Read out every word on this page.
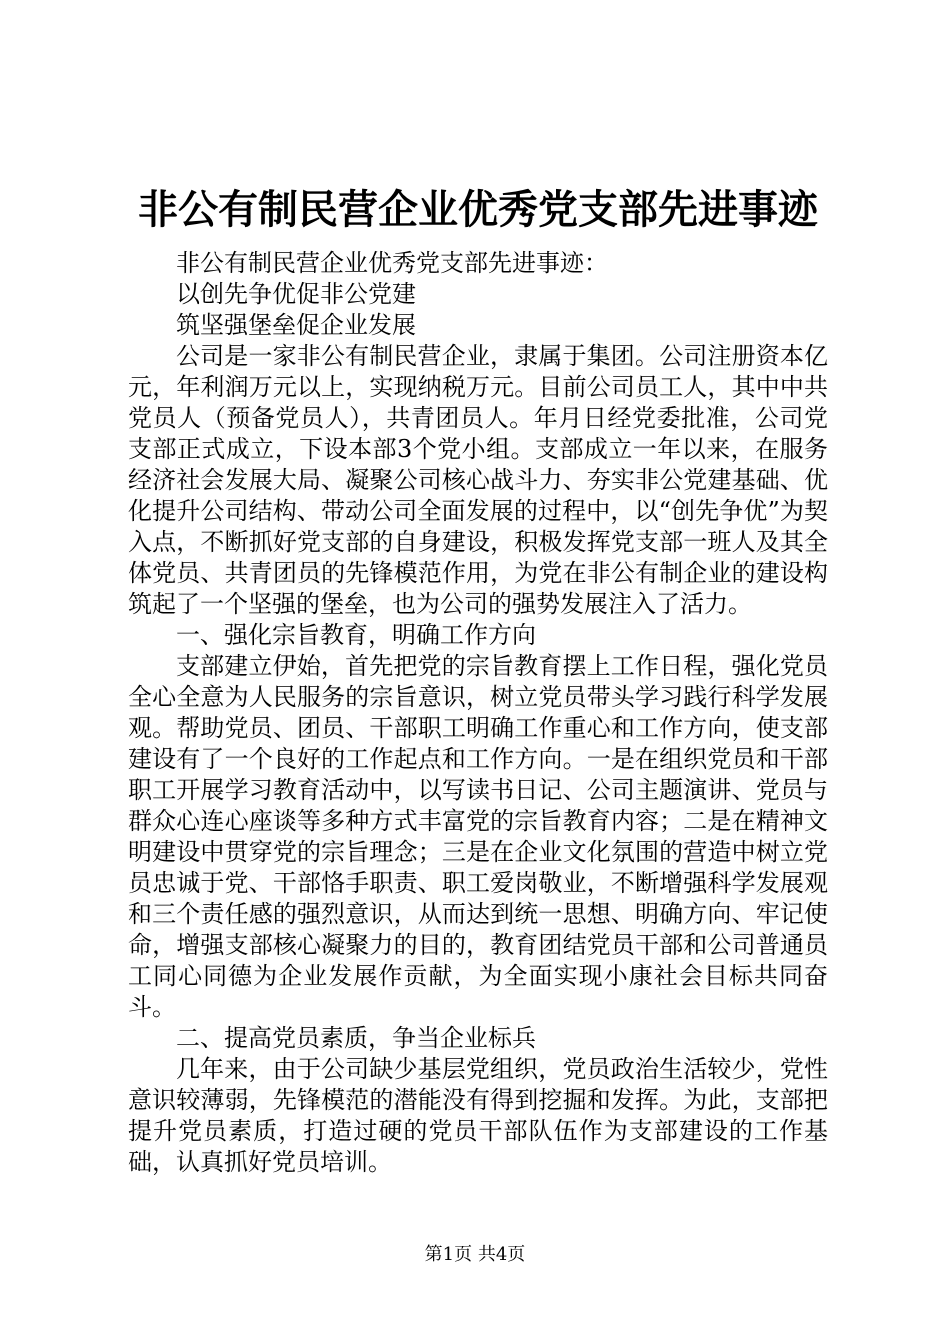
非公有制民营企业优秀党支部先进事迹

非公有制民营企业优秀党支部先进事迹：

以创先争优促非公党建

筑坚强堡垒促企业发展

公司是一家非公有制民营企业，隶属于集团。公司注册资本亿元，年利润万元以上，实现纳税万元。目前公司员工人，其中中共党员人（预备党员人），共青团员人。年月日经党委批准，公司党支部正式成立，下设本部3个党小组。支部成立一年以来，在服务经济社会发展大局、凝聚公司核心战斗力、夯实非公党建基础、优化提升公司结构、带动公司全面发展的过程中，以“创先争优”为契入点，不断抓好党支部的自身建设，积极发挥党支部一班人及其全体党员、共青团员的先锋模范作用，为党在非公有制企业的建设构筑起了一个坚强的堡垒，也为公司的强势发展注入了活力。

一、强化宗旨教育，明确工作方向

支部建立伊始，首先把党的宗旨教育摆上工作日程，强化党员全心全意为人民服务的宗旨意识，树立党员带头学习践行科学发展观。帮助党员、团员、干部职工明确工作重心和工作方向，使支部建设有了一个良好的工作起点和工作方向。一是在组织党员和干部职工开展学习教育活动中，以写读书日记、公司主题演讲、党员与群众心连心座谈等多种方式丰富党的宗旨教育内容；二是在精神文明建设中贯穿党的宗旨理念；三是在企业文化氛围的营造中树立党员忠诚于党、干部恪手职责、职工爱岗敬业，不断增强科学发展观和三个责任感的强烈意识，从而达到统一思想、明确方向、牢记使命，增强支部核心凝聚力的目的，教育团结党员干部和公司普通员工同心同德为企业发展作贡献，为全面实现小康社会目标共同奋斗。

二、提高党员素质，争当企业标兵

几年来，由于公司缺少基层党组织，党员政治生活较少，党性意识较薄弱，先锋模范的潜能没有得到挖掘和发挥。为此，支部把提升党员素质，打造过硬的党员干部队伍作为支部建设的工作基础，认真抓好党员培训。

第1页 共4页
